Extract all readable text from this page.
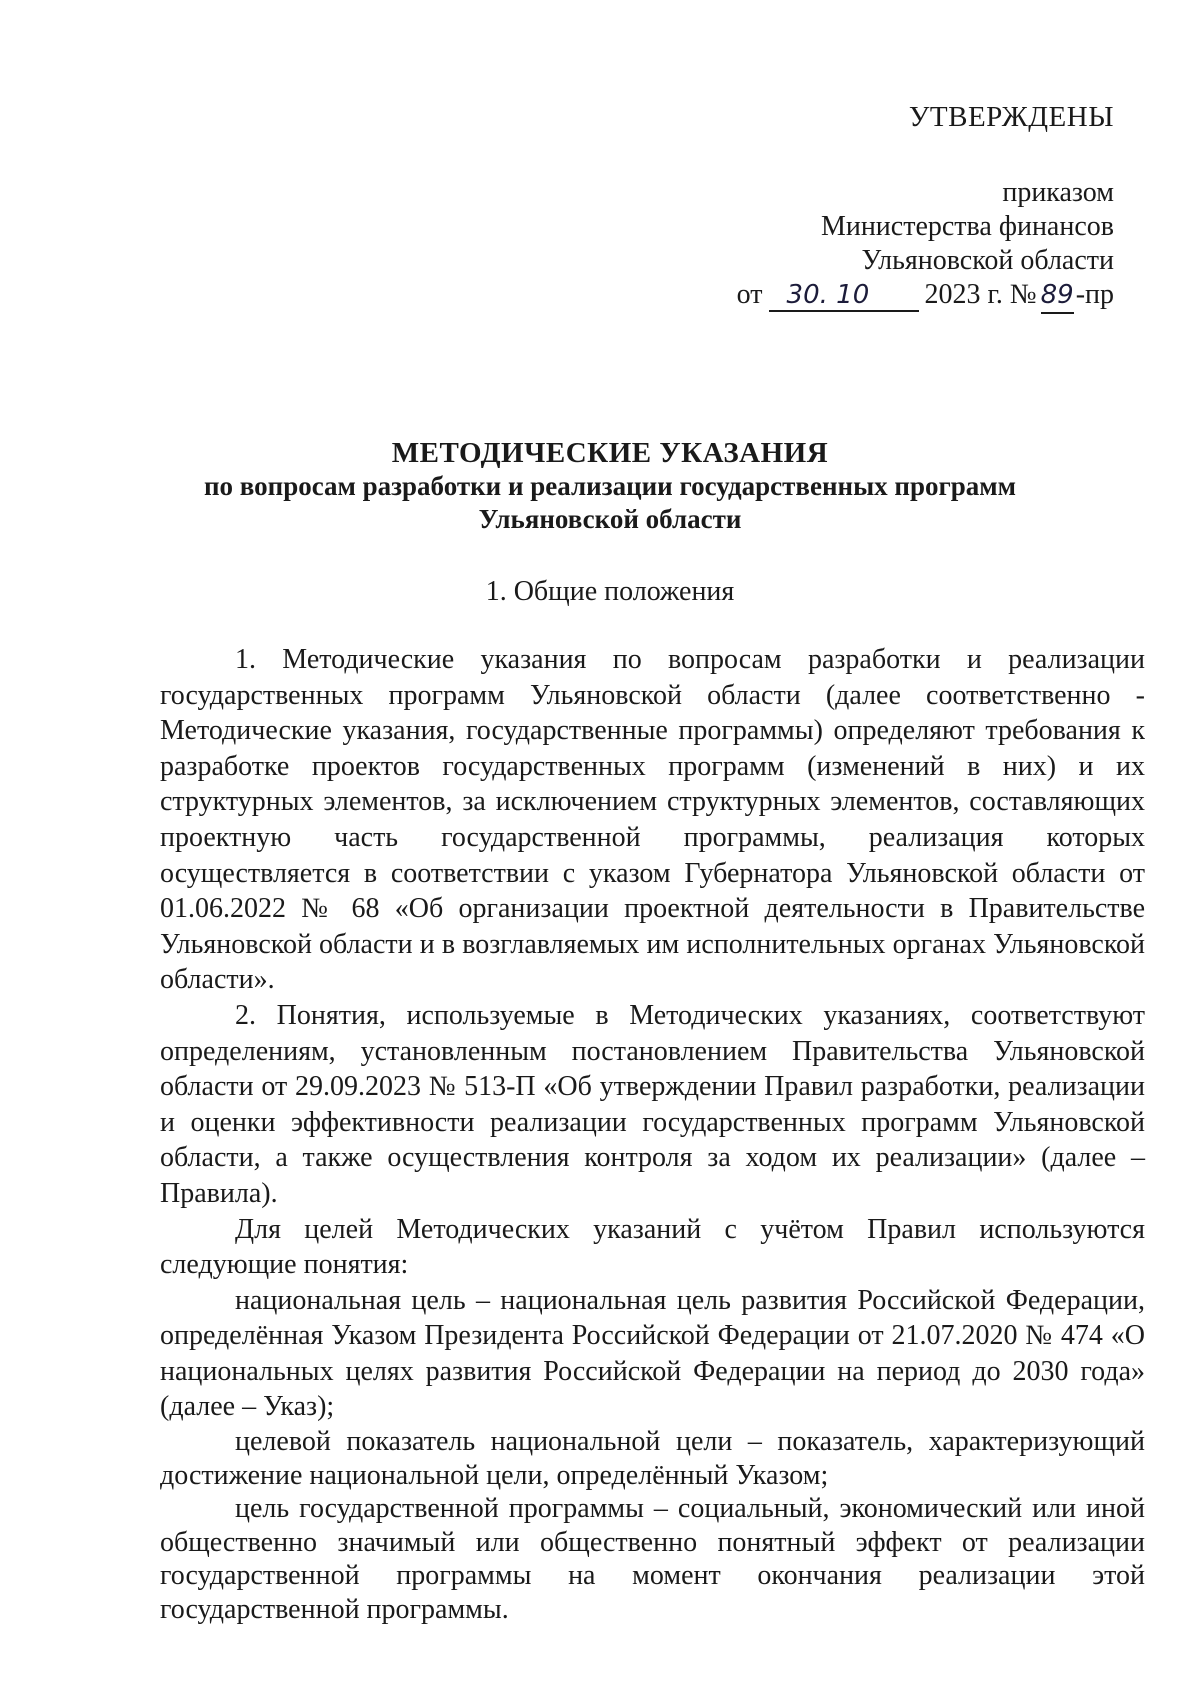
УТВЕРЖДЕНЫ
приказом
Министерства финансов
Ульяновской области
от 30. 10 2023 г. № 89-пр
МЕТОДИЧЕСКИЕ УКАЗАНИЯ
по вопросам разработки и реализации государственных программ
Ульяновской области
1. Общие положения

1. Методические указания по вопросам разработки и реализации государственных программ Ульяновской области (далее соответственно - Методические указания, государственные программы) определяют требования к разработке проектов государственных программ (изменений в них) и их структурных элементов, за исключением структурных элементов, составляющих проектную часть государственной программы, реализация которых осуществляется в соответствии с указом Губернатора Ульяновской области от 01.06.2022 № 68 «Об организации проектной деятельности в Правительстве Ульяновской области и в возглавляемых им исполнительных органах Ульяновской области».

2. Понятия, используемые в Методических указаниях, соответствуют определениям, установленным постановлением Правительства Ульяновской области от 29.09.2023 № 513-П «Об утверждении Правил разработки, реализации и оценки эффективности реализации государственных программ Ульяновской области, а также осуществления контроля за ходом их реализации» (далее – Правила).

Для целей Методических указаний с учётом Правил используются следующие понятия:

национальная цель – национальная цель развития Российской Федерации, определённая Указом Президента Российской Федерации от 21.07.2020 № 474 «О национальных целях развития Российской Федерации на период до 2030 года» (далее – Указ);

целевой показатель национальной цели – показатель, характеризующий достижение национальной цели, определённый Указом;

цель государственной программы – социальный, экономический или иной общественно значимый или общественно понятный эффект от реализации государственной программы на момент окончания реализации этой государственной программы.
